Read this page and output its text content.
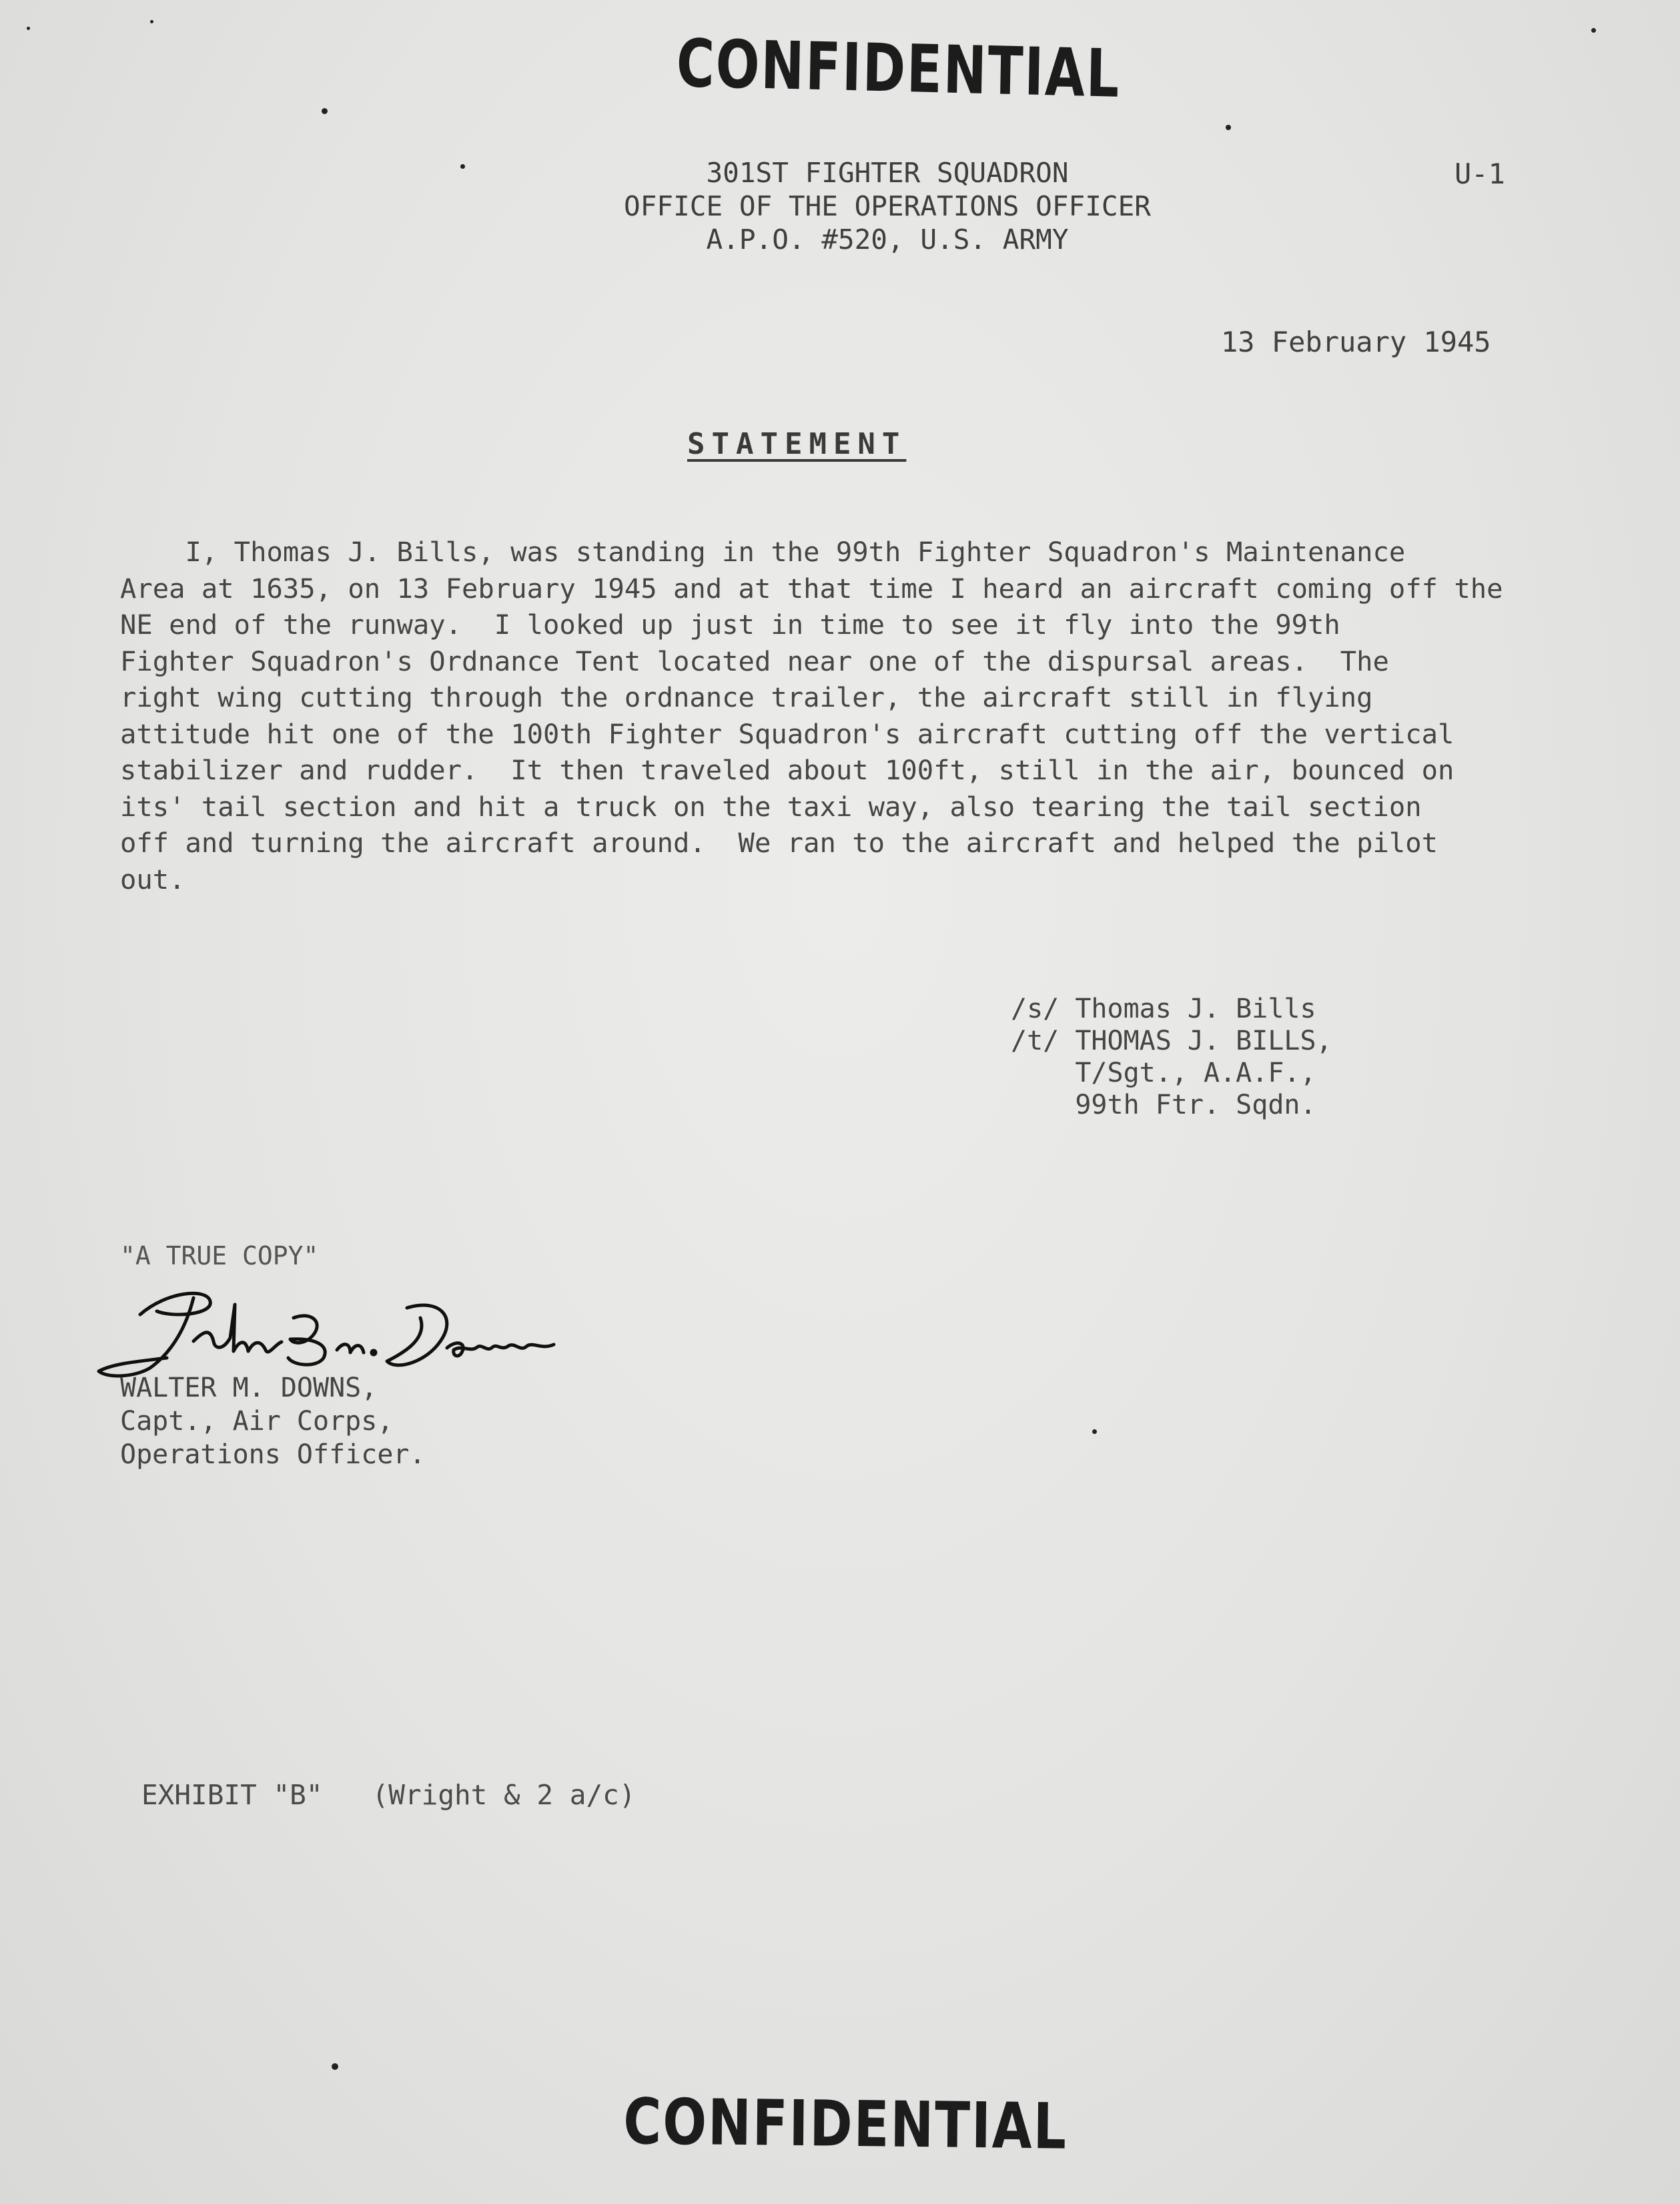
CONFIDENTIAL
301ST FIGHTER SQUADRON
OFFICE OF THE OPERATIONS OFFICER
A.P.O. #520, U.S. ARMY
U-1
13 February 1945
STATEMENT
I, Thomas J. Bills, was standing in the 99th Fighter Squadron's Maintenance
Area at 1635, on 13 February 1945 and at that time I heard an aircraft coming off the
NE end of the runway.  I looked up just in time to see it fly into the 99th
Fighter Squadron's Ordnance Tent located near one of the dispursal areas.  The
right wing cutting through the ordnance trailer, the aircraft still in flying
attitude hit one of the 100th Fighter Squadron's aircraft cutting off the vertical
stabilizer and rudder.  It then traveled about 100ft, still in the air, bounced on
its' tail section and hit a truck on the taxi way, also tearing the tail section
off and turning the aircraft around.  We ran to the aircraft and helped the pilot
out.
/s/ Thomas J. Bills
/t/ THOMAS J. BILLS,
T/Sgt., A.A.F.,
99th Ftr. Sqdn.
"A TRUE COPY"
WALTER M. DOWNS,
Capt., Air Corps,
Operations Officer.
EXHIBIT "B"   (Wright & 2 a/c)
CONFIDENTIAL
